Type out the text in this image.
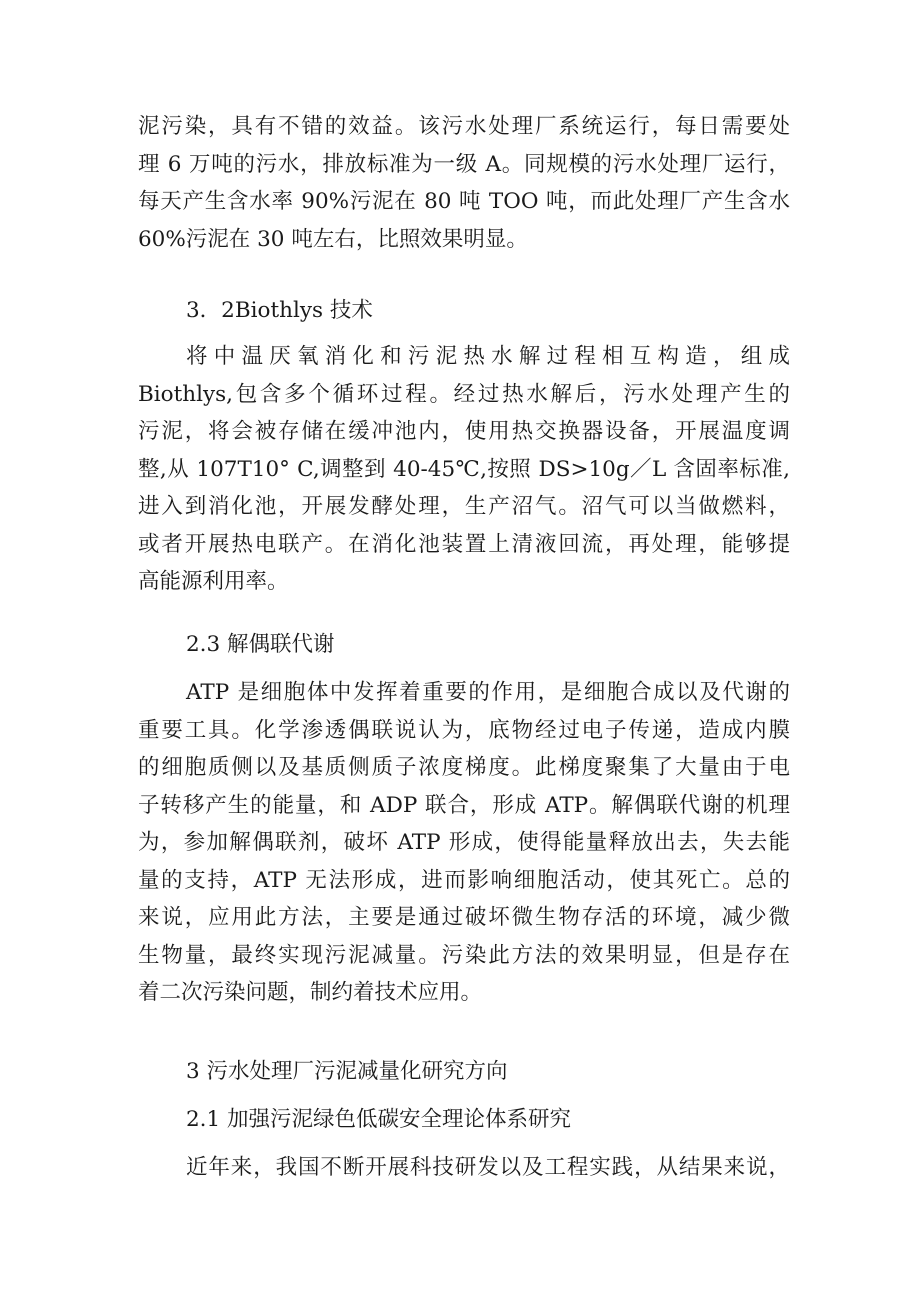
泥污染，具有不错的效益。该污水处理厂系统运行，每日需要处
理 6 万吨的污水，排放标准为一级 A。同规模的污水处理厂运行，
每天产生含水率 90%污泥在 80 吨 TOO 吨，而此处理厂产生含水
60%污泥在 30 吨左右，比照效果明显。
3．2Biothlys 技术
将中温厌氧消化和污泥热水解过程相互构造，组成
Biothlys,包含多个循环过程。经过热水解后，污水处理产生的
污泥，将会被存储在缓冲池内，使用热交换器设备，开展温度调
整,从 107T10° C,调整到 40-45℃,按照 DS>10g／L 含固率标准,
进入到消化池，开展发酵处理，生产沼气。沼气可以当做燃料，
或者开展热电联产。在消化池装置上清液回流，再处理，能够提
高能源利用率。
2.3 解偶联代谢
ATP 是细胞体中发挥着重要的作用，是细胞合成以及代谢的
重要工具。化学渗透偶联说认为，底物经过电子传递，造成内膜
的细胞质侧以及基质侧质子浓度梯度。此梯度聚集了大量由于电
子转移产生的能量，和 ADP 联合，形成 ATP。解偶联代谢的机理
为，参加解偶联剂，破坏 ATP 形成，使得能量释放出去，失去能
量的支持，ATP 无法形成，进而影响细胞活动，使其死亡。总的
来说，应用此方法，主要是通过破坏微生物存活的环境，减少微
生物量，最终实现污泥减量。污染此方法的效果明显，但是存在
着二次污染问题，制约着技术应用。
3 污水处理厂污泥减量化研究方向
2.1 加强污泥绿色低碳安全理论体系研究
近年来，我国不断开展科技研发以及工程实践，从结果来说，
